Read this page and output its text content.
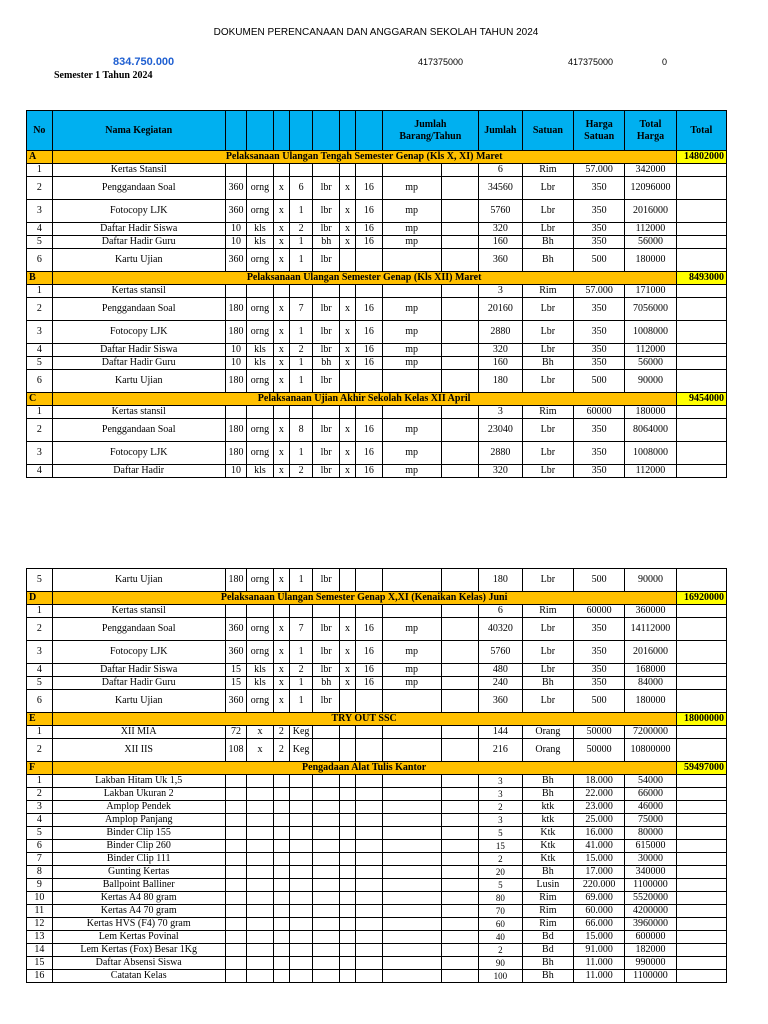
DOKUMEN PERENCANAAN DAN ANGGARAN SEKOLAH TAHUN 2024
834.750.000	417375000	417375000	0
Semester 1 Tahun 2024
No	Nama Kegiatan								Jumlah Barang/Tahun		Jumlah	Satuan	Harga Satuan	Total Harga	Total
A	Pelaksanaan Ulangan Tengah Semester Genap (Kls X, XI) Maret														14802000
1	Kertas Stansil										6	Rim	57.000	342000	
2	Penggandaan Soal	360	orng	x	6	lbr	x	16	mp		34560	Lbr	350	12096000	
3	Fotocopy LJK	360	orng	x	1	lbr	x	16	mp		5760	Lbr	350	2016000	
4	Daftar Hadir Siswa	10	kls	x	2	lbr	x	16	mp		320	Lbr	350	112000	
5	Daftar Hadir Guru	10	kls	x	1	bh	x	16	mp		160	Bh	350	56000	
6	Kartu Ujian	360	orng	x	1	lbr					360	Bh	500	180000	
B	Pelaksanaan Ulangan Semester Genap (Kls XII) Maret														8493000
1	Kertas stansil										3	Rim	57.000	171000	
2	Penggandaan Soal	180	orng	x	7	lbr	x	16	mp		20160	Lbr	350	7056000	
3	Fotocopy LJK	180	orng	x	1	lbr	x	16	mp		2880	Lbr	350	1008000	
4	Daftar Hadir Siswa	10	kls	x	2	lbr	x	16	mp		320	Lbr	350	112000	
5	Daftar Hadir Guru	10	kls	x	1	bh	x	16	mp		160	Bh	350	56000	
6	Kartu Ujian	180	orng	x	1	lbr					180	Lbr	500	90000	
C	Pelaksanaan Ujian Akhir Sekolah Kelas XII April														9454000
1	Kertas stansil										3	Rim	60000	180000	
2	Penggandaan Soal	180	orng	x	8	lbr	x	16	mp		23040	Lbr	350	8064000	
3	Fotocopy LJK	180	orng	x	1	lbr	x	16	mp		2880	Lbr	350	1008000	
4	Daftar Hadir	10	kls	x	2	lbr	x	16	mp		320	Lbr	350	112000	
5	Kartu Ujian	180	orng	x	1	lbr					180	Lbr	500	90000	
D	Pelaksanaan Ulangan Semester Genap X,XI (Kenaikan Kelas) Juni														16920000
1	Kertas stansil										6	Rim	60000	360000	
2	Penggandaan Soal	360	orng	x	7	lbr	x	16	mp		40320	Lbr	350	14112000	
3	Fotocopy LJK	360	orng	x	1	lbr	x	16	mp		5760	Lbr	350	2016000	
4	Daftar Hadir Siswa	15	kls	x	2	lbr	x	16	mp		480	Lbr	350	168000	
5	Daftar Hadir Guru	15	kls	x	1	bh	x	16	mp		240	Bh	350	84000	
6	Kartu Ujian	360	orng	x	1	lbr					360	Lbr	500	180000	
E	TRY OUT SSC														18000000
1	XII MIA	72	x	2	Keg						144	Orang	50000	7200000	
2	XII IIS	108	x	2	Keg						216	Orang	50000	10800000	
F	Pengadaan Alat Tulis Kantor														59497000
1	Lakban Hitam Uk 1,5										3	Bh	18.000	54000	
2	Lakban Ukuran 2										3	Bh	22.000	66000	
3	Amplop Pendek										2	ktk	23.000	46000	
4	Amplop Panjang										3	ktk	25.000	75000	
5	Binder Clip 155										5	Ktk	16.000	80000	
6	Binder Clip 260										15	Ktk	41.000	615000	
7	Binder Clip 111										2	Ktk	15.000	30000	
8	Gunting Kertas										20	Bh	17.000	340000	
9	Ballpoint Balliner										5	Lusin	220.000	1100000	
10	Kertas A4 80 gram										80	Rim	69.000	5520000	
11	Kertas A4 70 gram										70	Rim	60.000	4200000	
12	Kertas HVS (F4) 70 gram										60	Rim	66.000	3960000	
13	Lem Kertas Povinal										40	Bd	15.000	600000	
14	Lem Kertas (Fox) Besar 1Kg										2	Bd	91.000	182000	
15	Daftar Absensi Siswa										90	Bh	11.000	990000	
16	Catatan Kelas										100	Bh	11.000	1100000	
